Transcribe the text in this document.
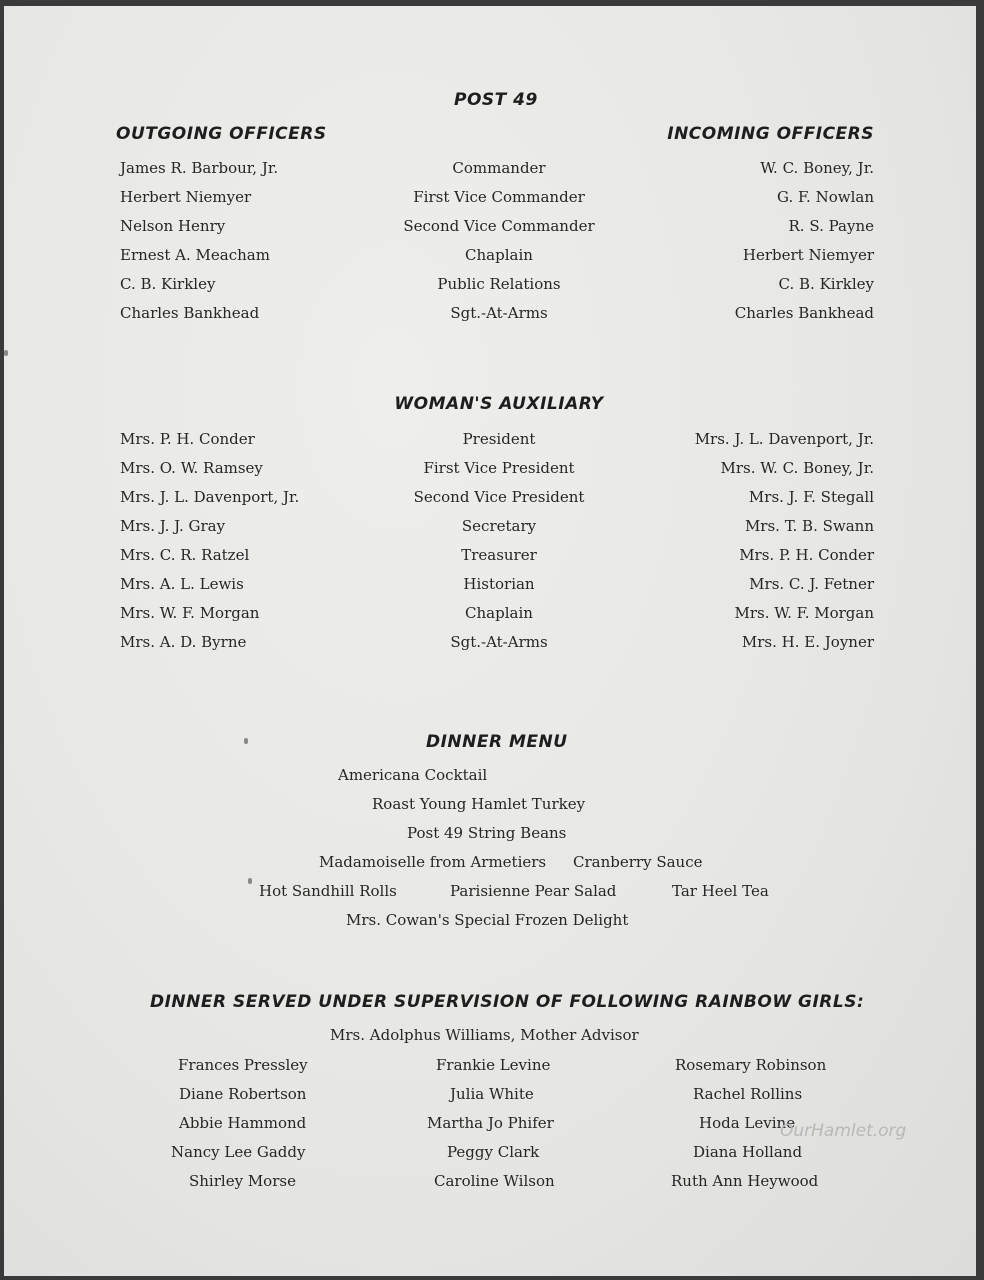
POST 49
OUTGOING OFFICERS	INCOMING OFFICERS
James R. Barbour, Jr.	Commander	W. C. Boney, Jr.
Herbert Niemyer	First Vice Commander	G. F. Nowlan
Nelson Henry	Second Vice Commander	R. S. Payne
Ernest A. Meacham	Chaplain	Herbert Niemyer
C. B. Kirkley	Public Relations	C. B. Kirkley
Charles Bankhead	Sgt.-At-Arms	Charles Bankhead
WOMAN'S AUXILIARY
Mrs. P. H. Conder	President	Mrs. J. L. Davenport, Jr.
Mrs. O. W. Ramsey	First Vice President	Mrs. W. C. Boney, Jr.
Mrs. J. L. Davenport, Jr.	Second Vice President	Mrs. J. F. Stegall
Mrs. J. J. Gray	Secretary	Mrs. T. B. Swann
Mrs. C. R. Ratzel	Treasurer	Mrs. P. H. Conder
Mrs. A. L. Lewis	Historian	Mrs. C. J. Fetner
Mrs. W. F. Morgan	Chaplain	Mrs. W. F. Morgan
Mrs. A. D. Byrne	Sgt.-At-Arms	Mrs. H. E. Joyner
DINNER MENU
Americana Cocktail
Roast Young Hamlet Turkey
Post 49 String Beans
Madamoiselle from Armetiers Cranberry Sauce
Hot Sandhill Rolls	Parisienne Pear Salad	Tar Heel Tea
Mrs. Cowan's Special Frozen Delight
DINNER SERVED UNDER SUPERVISION OF FOLLOWING RAINBOW GIRLS:
Mrs. Adolphus Williams, Mother Advisor
Frances Pressley	Frankie Levine	Rosemary Robinson
Diane Robertson	Julia White	Rachel Rollins
Abbie Hammond	Martha Jo Phifer	Hoda Levine
Nancy Lee Gaddy	Peggy Clark	Diana Holland
Shirley Morse	Caroline Wilson	Ruth Ann Heywood
OurHamlet.org
